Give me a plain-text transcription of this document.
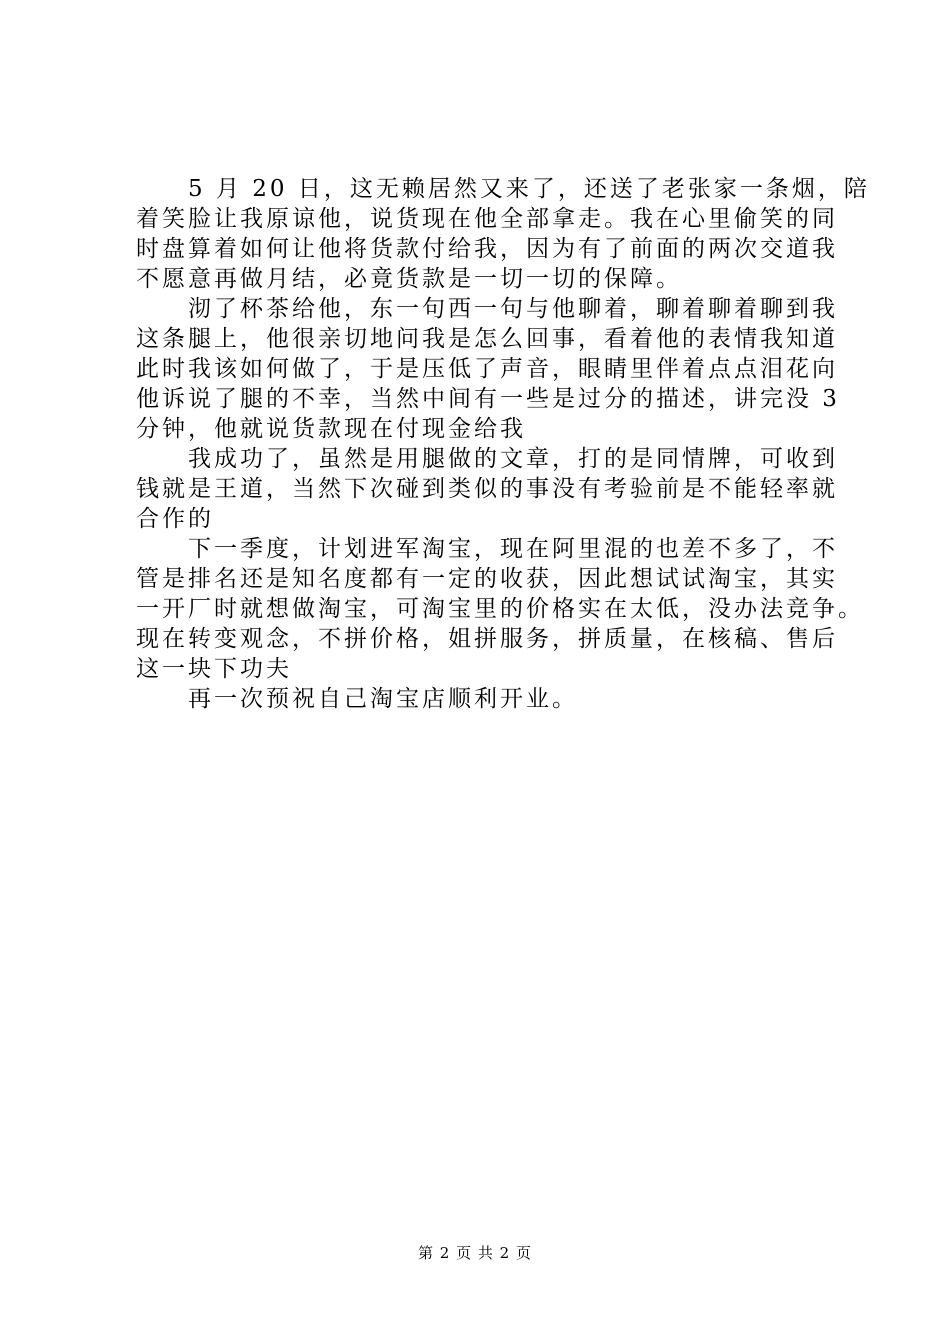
　　5 月 20 日，这无赖居然又来了，还送了老张家一条烟，陪
着笑脸让我原谅他，说货现在他全部拿走。我在心里偷笑的同
时盘算着如何让他将货款付给我，因为有了前面的两次交道我
不愿意再做月结，必竟货款是一切一切的保障。
　　沏了杯茶给他，东一句西一句与他聊着，聊着聊着聊到我
这条腿上，他很亲切地问我是怎么回事，看着他的表情我知道
此时我该如何做了，于是压低了声音，眼睛里伴着点点泪花向
他诉说了腿的不幸，当然中间有一些是过分的描述，讲完没 3
分钟，他就说货款现在付现金给我
　　我成功了，虽然是用腿做的文章，打的是同情牌，可收到
钱就是王道，当然下次碰到类似的事没有考验前是不能轻率就
合作的
　　下一季度，计划进军淘宝，现在阿里混的也差不多了，不
管是排名还是知名度都有一定的收获，因此想试试淘宝，其实
一开厂时就想做淘宝，可淘宝里的价格实在太低，没办法竞争。
现在转变观念，不拼价格，姐拼服务，拼质量，在核稿、售后
这一块下功夫
　　再一次预祝自己淘宝店顺利开业。
第 2 页 共 2 页
